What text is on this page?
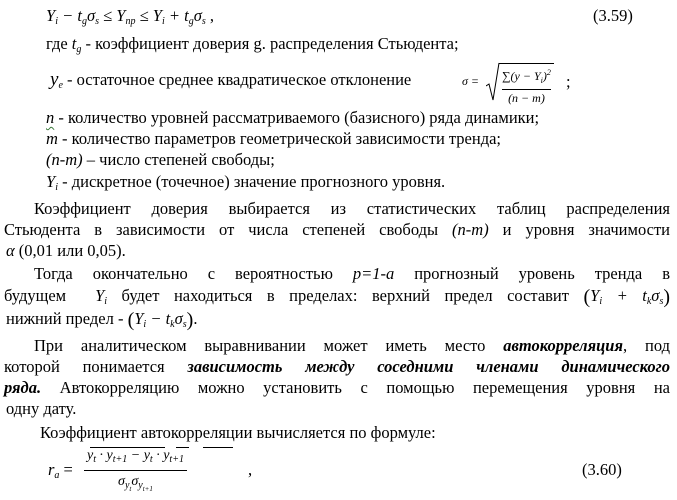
$Y_i - t_g\sigma_s \le Y_{пр} \le Y_i + t_g\sigma_s$ ,	(3.59)
где $t_g$ - коэффициент доверия g. распределения Стьюдента;
$y_e$ - остаточное среднее квадратическое отклонение	$\sigma = \frac{\sum(y - Y_i)^2}{(n - m)}$ ;
n - количество уровней рассматриваемого (базисного) ряда динамики;
m - количество параметров геометрической зависимости тренда;
(n-m) – число степеней свободы;
$Y_i$ - дискретное (точечное) значение прогнозного уровня.
Коэффициент доверия выбирается из статистических таблиц распределения
Стьюдента в зависимости от числа степеней свободы (n-m) и уровня значимости
α (0,01 или 0,05).
Тогда окончательно с вероятностью p=1-a прогнозный уровень тренда в
будущем  $Y_i$ будет находиться в пределах: верхний предел составит $(Y_i + t_k\sigma_s)$
нижний предел - $(Y_i - t_k\sigma_s)$.
При аналитическом выравнивании может иметь место автокорреляция, под
которой понимается зависимость между соседними членами динамического
ряда. Автокорреляцию можно установить с помощью перемещения уровня на
одну дату.
Коэффициент автокорреляции вычисляется по формуле:
$r_a$ =
$y_t \cdot y_{t+1} - y_t \cdot y_{t+1}$
$\sigma_{y_t}\sigma_{y_{t+1}}$
,	(3.60)
